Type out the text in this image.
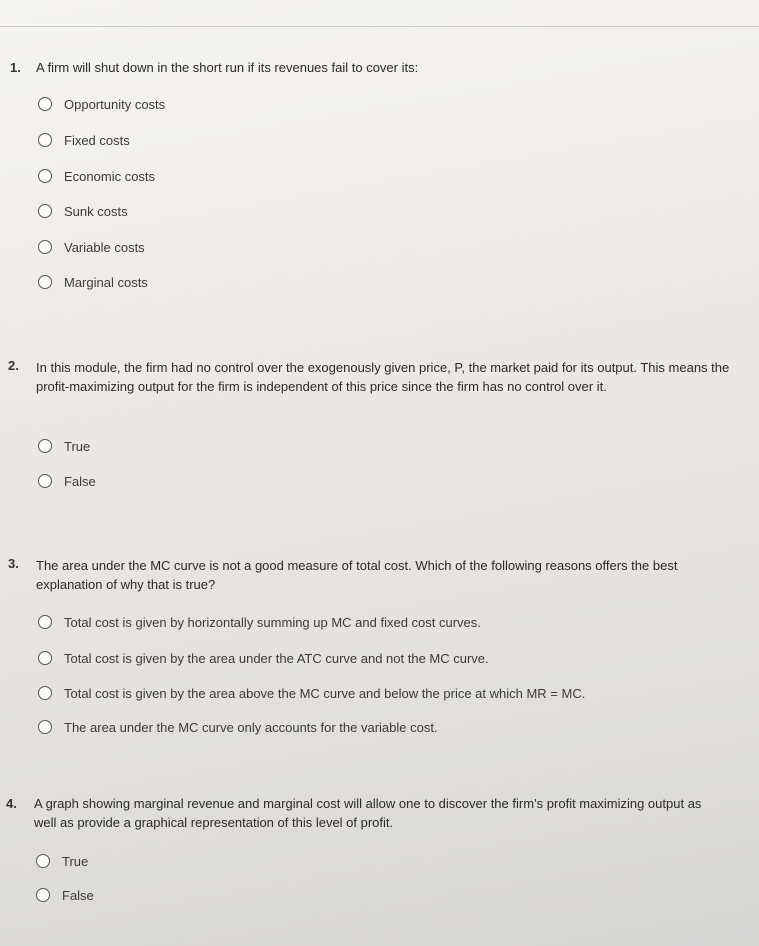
1. A firm will shut down in the short run if its revenues fail to cover its:
Opportunity costs
Fixed costs
Economic costs
Sunk costs
Variable costs
Marginal costs
2. In this module, the firm had no control over the exogenously given price, P, the market paid for its output. This means the profit-maximizing output for the firm is independent of this price since the firm has no control over it.
True
False
3. The area under the MC curve is not a good measure of total cost. Which of the following reasons offers the best explanation of why that is true?
Total cost is given by horizontally summing up MC and fixed cost curves.
Total cost is given by the area under the ATC curve and not the MC curve.
Total cost is given by the area above the MC curve and below the price at which MR = MC.
The area under the MC curve only accounts for the variable cost.
4. A graph showing marginal revenue and marginal cost will allow one to discover the firm’s profit maximizing output as well as provide a graphical representation of this level of profit.
True
False
